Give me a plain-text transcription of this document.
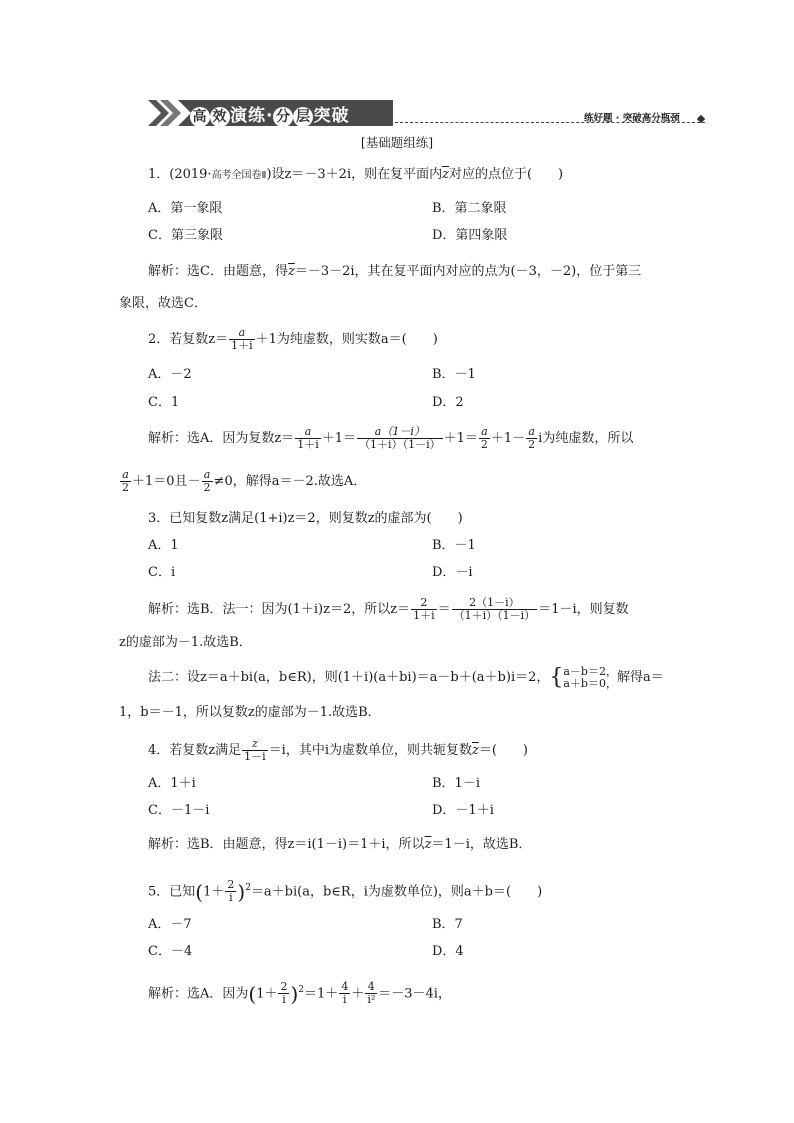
高 效 演练· 分 层 突破	练好题 · 突破高分瓶颈
[基础题组练]
1．(2019·高考全国卷Ⅱ)设z＝－3＋2i，则在复平面内$\overline{z}$对应的点位于(　　)
A．第一象限	B．第二象限
C．第三象限	D．第四象限
解析：选C．由题意，得$\overline{z}=-3-2i$，其在复平面内对应的点为(－3，－2)，位于第三
象限，故选C．
2．若复数$z= \frac{a}{1+i} +1$为纯虚数，则实数a＝(　　)
A．－2	B．－1
C．1	D．2
解析：选A．因为复数$z= \frac{a}{1+i} +1= \frac{a(1-i)}{(1+i)(1-i)} +1= \frac{a}{2} +1- \frac{a}{2}$ i为纯虚数，所以
$\frac{a}{2} +1=0$且－ $\frac{a}{2} \ne 0$，解得a＝－2.故选A．
3．已知复数z满足(1+i)z＝2，则复数z的虚部为(　　)
A．1	B．－1
C．i	D．－i
解析：选B．法一：因为(1＋i)z＝2，所以$z= \frac{2}{1+i} = \frac{2(1-i)}{(1+i)(1-i)} =1-i$，则复数
z的虚部为－1.故选B．
法二：设z＝a＋bi(a，b∈R)，则(1＋i)(a＋bi)＝a－b＋(a＋b)i＝2，{ a－b＝2，
a＋b＝0， 解得a＝
1，b＝－1，所以复数z的虚部为－1.故选B．
4．若复数z满足 $\frac{z}{1-i} =i$，其中i为虚数单位，则共轭复数$\overline{z}=$(　　)
A．1＋i	B．1－i
C．－1－i	D．－1＋i
解析：选B．由题意，得z＝i(1－i)＝1＋i，所以$\overline{z}=1-i$，故选B．
5．已知$(1+ \frac{2}{i} )^2=a+bi(a$，b∈R，i为虚数单位)，则a＋b＝(　　)
A．－7	B．7
C．－4	D．4
解析：选A．因为$(1+ \frac{2}{i} )^2=1+ \frac{4}{i} + \frac{4}{\text{i²}} =-3-4i$，
